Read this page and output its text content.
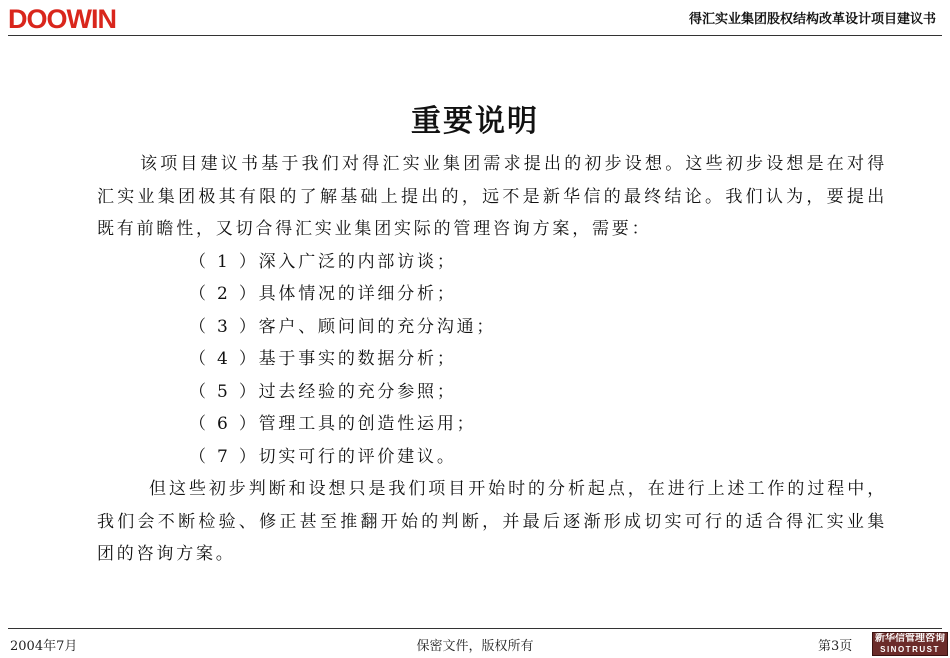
DOOWIN	得汇实业集团股权结构改革设计项目建议书
重要说明

该项目建议书基于我们对得汇实业集团需求提出的初步设想。这些初步设想是在对得汇实业集团极其有限的了解基础上提出的，远不是新华信的最终结论。我们认为，要提出既有前瞻性，又切合得汇实业集团实际的管理咨询方案，需要：

（ 1 ）深入广泛的内部访谈；
（ 2 ）具体情况的详细分析；
（ 3 ）客户、顾问间的充分沟通；
（ 4 ）基于事实的数据分析；
（ 5 ）过去经验的充分参照；
（ 6 ）管理工具的创造性运用；
（ 7 ）切实可行的评价建议。

但这些初步判断和设想只是我们项目开始时的分析起点，在进行上述工作的过程中，我们会不断检验、修正甚至推翻开始的判断，并最后逐渐形成切实可行的适合得汇实业集团的咨询方案。

2004年7月	保密文件，版权所有	第3页
新华信管理咨询
SINOTRUST
